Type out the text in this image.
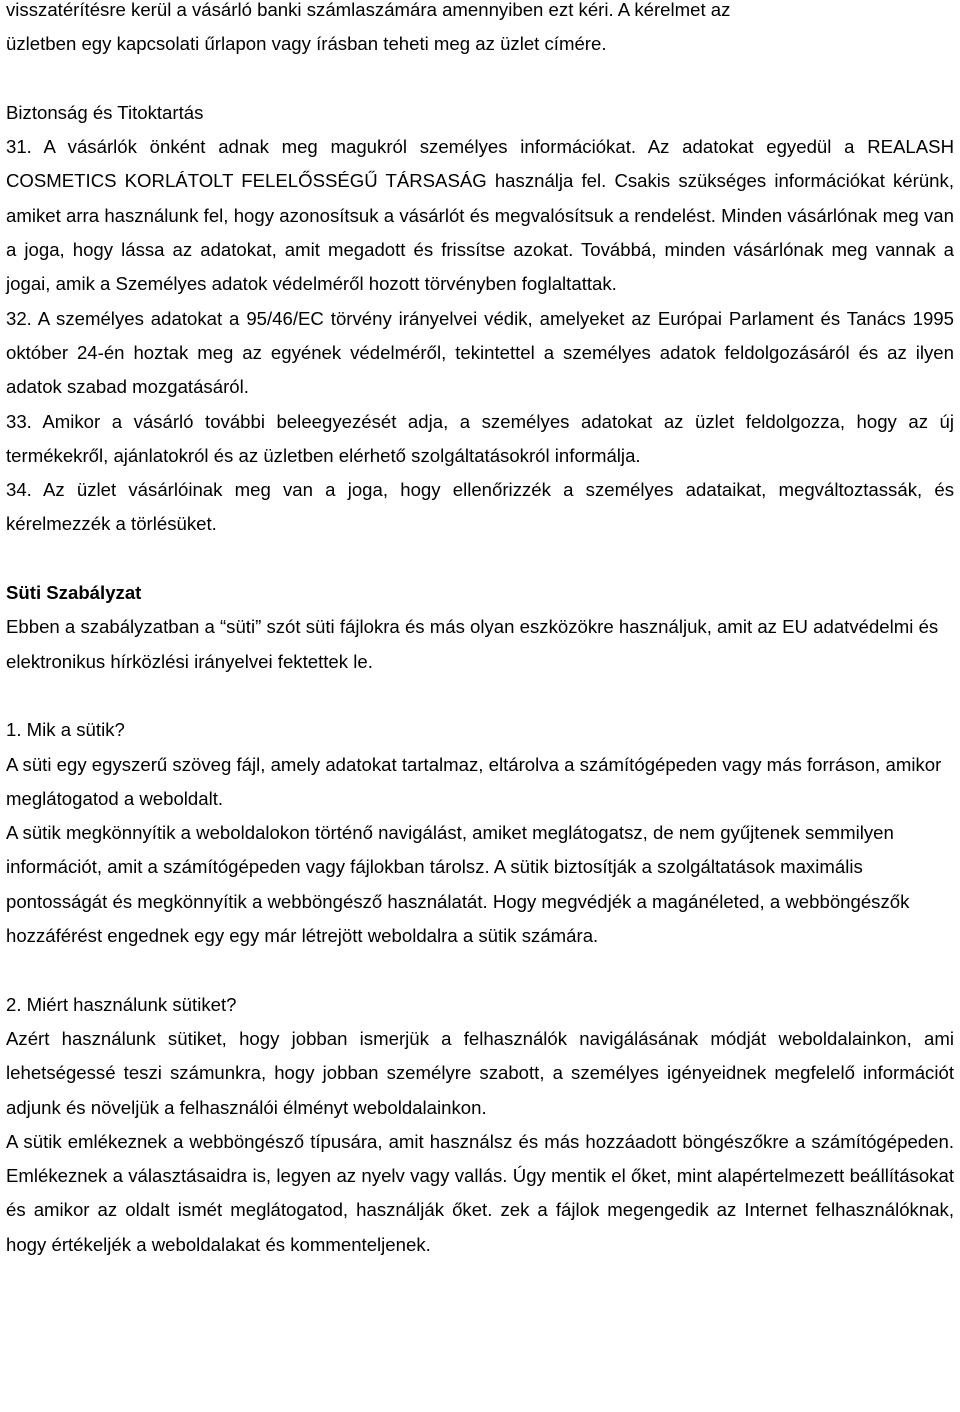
visszatérítésre kerül a vásárló banki számlaszámára amennyiben ezt kéri. A kérelmet az

üzletben egy kapcsolati űrlapon vagy írásban teheti meg az üzlet címére.

Biztonság és Titoktartás

31. A vásárlók önként adnak meg magukról személyes információkat. Az adatokat egyedül a REALASH COSMETICS KORLÁTOLT FELELŐSSÉGŰ TÁRSASÁG használja fel. Csakis szükséges információkat kérünk, amiket arra használunk fel, hogy azonosítsuk a vásárlót és megvalósítsuk a rendelést. Minden vásárlónak meg van a joga, hogy lássa az adatokat, amit megadott és frissítse azokat. Továbbá, minden vásárlónak meg vannak a jogai, amik a Személyes adatok védelméről hozott törvényben foglaltattak.

32. A személyes adatokat a 95/46/EC törvény irányelvei védik, amelyeket az Európai Parlament és Tanács 1995 október 24-én hoztak meg az egyének védelméről, tekintettel a személyes adatok feldolgozásáról és az ilyen adatok szabad mozgatásáról.

33. Amikor a vásárló további beleegyezését adja, a személyes adatokat az üzlet feldolgozza, hogy az új termékekről, ajánlatokról és az üzletben elérhető szolgáltatásokról informálja.

34. Az üzlet vásárlóinak meg van a joga, hogy ellenőrizzék a személyes adataikat, megváltoztassák, és kérelmezzék a törlésüket.

Süti Szabályzat

Ebben a szabályzatban a “süti” szót süti fájlokra és más olyan eszközökre használjuk, amit az EU adatvédelmi és elektronikus hírközlési irányelvei fektettek le.

1. Mik a sütik?

A süti egy egyszerű szöveg fájl, amely adatokat tartalmaz, eltárolva a számítógépeden vagy más forráson, amikor meglátogatod a weboldalt.

A sütik megkönnyítik a weboldalokon történő navigálást, amiket meglátogatsz, de nem gyűjtenek semmilyen információt, amit a számítógépeden vagy fájlokban tárolsz. A sütik biztosítják a szolgáltatások maximális pontosságát és megkönnyítik a webböngésző használatát. Hogy megvédjék a magánéleted, a webböngészők hozzáférést engednek egy egy már létrejött weboldalra a sütik számára.

2. Miért használunk sütiket?

Azért használunk sütiket, hogy jobban ismerjük a felhasználók navigálásának módját weboldalainkon, ami lehetségessé teszi számunkra, hogy jobban személyre szabott, a személyes igényeidnek megfelelő információt adjunk és növeljük a felhasználói élményt weboldalainkon.

A sütik emlékeznek a webböngésző típusára, amit használsz és más hozzáadott böngészőkre a számítógépeden. Emlékeznek a választásaidra is, legyen az nyelv vagy vallás. Úgy mentik el őket, mint alapértelmezett beállításokat és amikor az oldalt ismét meglátogatod, használják őket. zek a fájlok megengedik az Internet felhasználóknak, hogy értékeljék a weboldalakat és kommenteljenek.
